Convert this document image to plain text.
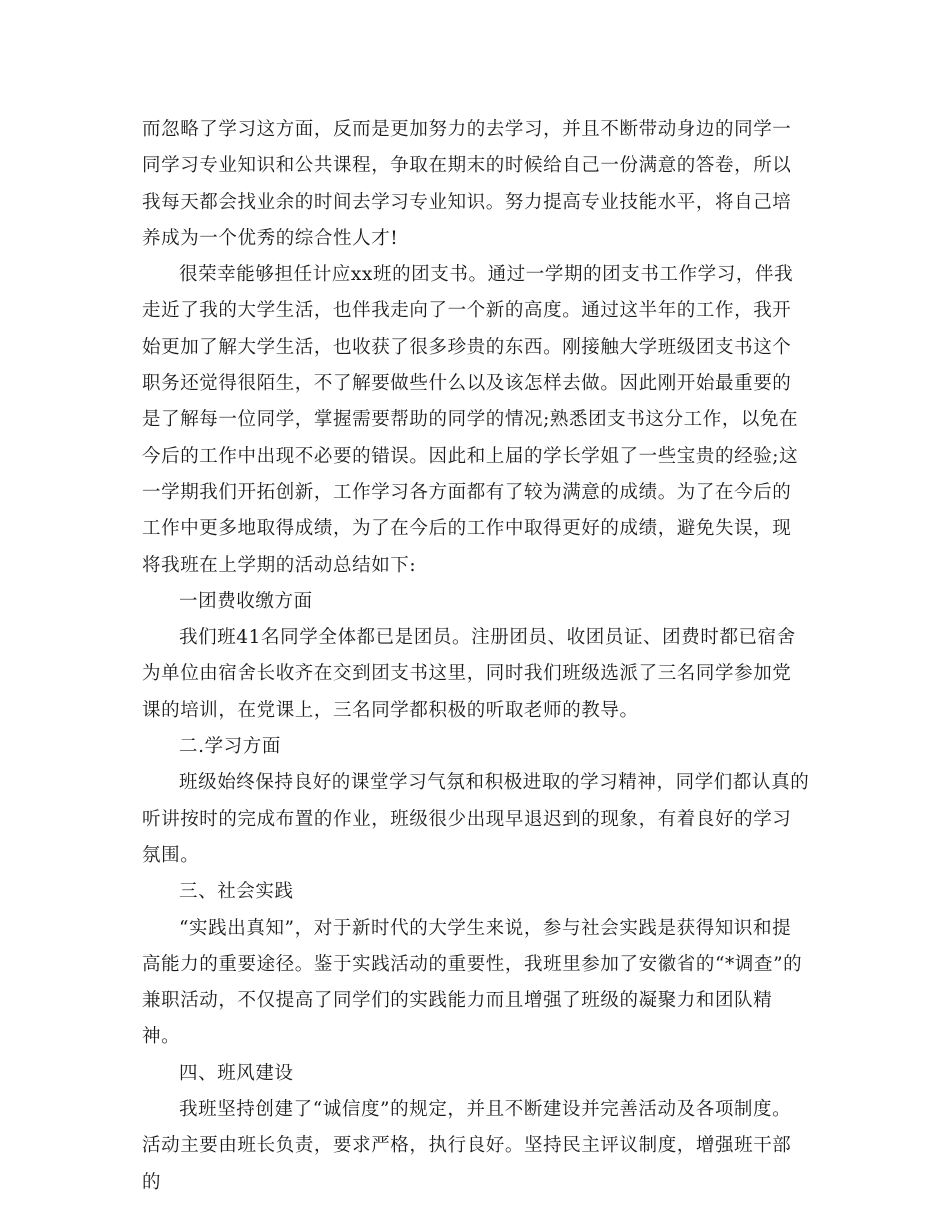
而忽略了学习这方面，反而是更加努力的去学习，并且不断带动身边的同学一同学习专业知识和公共课程，争取在期末的时候给自己一份满意的答卷，所以我每天都会找业余的时间去学习专业知识。努力提高专业技能水平，将自己培养成为一个优秀的综合性人才!

很荣幸能够担任计应xx班的团支书。通过一学期的团支书工作学习，伴我走近了我的大学生活，也伴我走向了一个新的高度。通过这半年的工作，我开始更加了解大学生活，也收获了很多珍贵的东西。刚接触大学班级团支书这个职务还觉得很陌生，不了解要做些什么以及该怎样去做。因此刚开始最重要的是了解每一位同学，掌握需要帮助的同学的情况;熟悉团支书这分工作，以免在今后的工作中出现不必要的错误。因此和上届的学长学姐了一些宝贵的经验;这一学期我们开拓创新，工作学习各方面都有了较为满意的成绩。为了在今后的工作中更多地取得成绩，为了在今后的工作中取得更好的成绩，避免失误，现将我班在上学期的活动总结如下:

一团费收缴方面

我们班41名同学全体都已是团员。注册团员、收团员证、团费时都已宿舍为单位由宿舍长收齐在交到团支书这里，同时我们班级选派了三名同学参加党课的培训，在党课上，三名同学都积极的听取老师的教导。

二.学习方面

班级始终保持良好的课堂学习气氛和积极进取的学习精神，同学们都认真的听讲按时的完成布置的作业，班级很少出现早退迟到的现象，有着良好的学习氛围。

三、社会实践

“实践出真知”，对于新时代的大学生来说，参与社会实践是获得知识和提高能力的重要途径。鉴于实践活动的重要性，我班里参加了安徽省的“*调查”的兼职活动，不仅提高了同学们的实践能力而且增强了班级的凝聚力和团队精神。

四、班风建设

我班坚持创建了“诚信度”的规定，并且不断建设并完善活动及各项制度。活动主要由班长负责，要求严格，执行良好。坚持民主评议制度，增强班干部的
